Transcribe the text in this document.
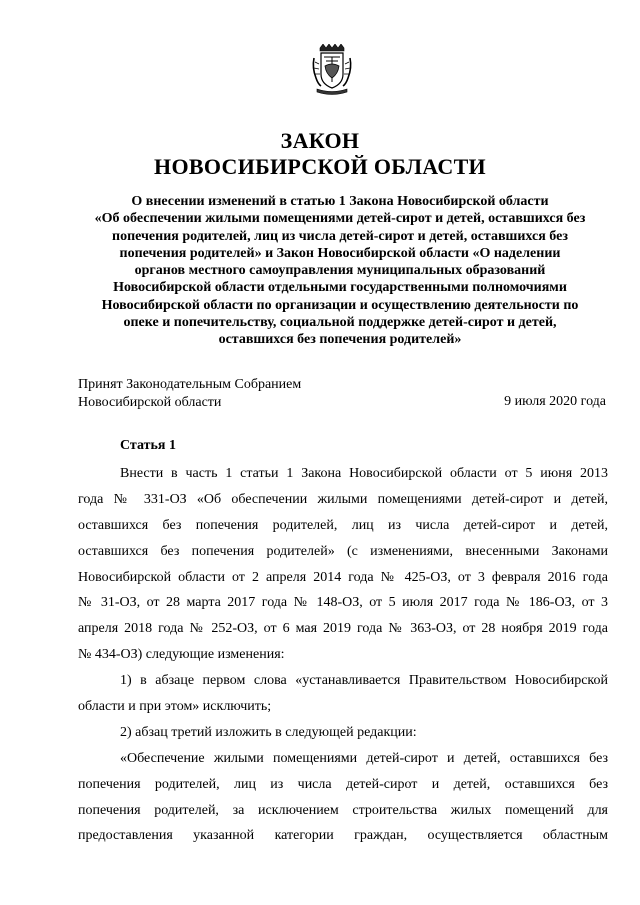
ЗАКОН
НОВОСИБИРСКОЙ ОБЛАСТИ
О внесении изменений в статью 1 Закона Новосибирской области
«Об обеспечении жилыми помещениями детей-сирот и детей, оставшихся без
попечения родителей, лиц из числа детей-сирот и детей, оставшихся без
попечения родителей» и Закон Новосибирской области «О наделении
органов местного самоуправления муниципальных образований
Новосибирской области отдельными государственными полномочиями
Новосибирской области по организации и осуществлению деятельности по
опеке и попечительству, социальной поддержке детей-сирот и детей,
оставшихся без попечения родителей»
Принят Законодательным Собранием
Новосибирской области	9 июля 2020 года
Статья 1
Внести в часть 1 статьи 1 Закона Новосибирской области от 5 июня 2013
года № 331-ОЗ «Об обеспечении жилыми помещениями детей-сирот и детей,
оставшихся без попечения родителей, лиц из числа детей-сирот и детей,
оставшихся без попечения родителей» (с изменениями, внесенными Законами
Новосибирской области от 2 апреля 2014 года № 425-ОЗ, от 3 февраля 2016 года
№ 31-ОЗ, от 28 марта 2017 года № 148-ОЗ, от 5 июля 2017 года № 186-ОЗ, от 3
апреля 2018 года № 252-ОЗ, от 6 мая 2019 года № 363-ОЗ, от 28 ноября 2019 года
№ 434-ОЗ) следующие изменения:
1) в абзаце первом слова «устанавливается Правительством Новосибирской
области и при этом» исключить;
2) абзац третий изложить в следующей редакции:
«Обеспечение жилыми помещениями детей-сирот и детей, оставшихся без
попечения родителей, лиц из числа детей-сирот и детей, оставшихся без
попечения родителей, за исключением строительства жилых помещений для
предоставления указанной категории граждан, осуществляется областным
